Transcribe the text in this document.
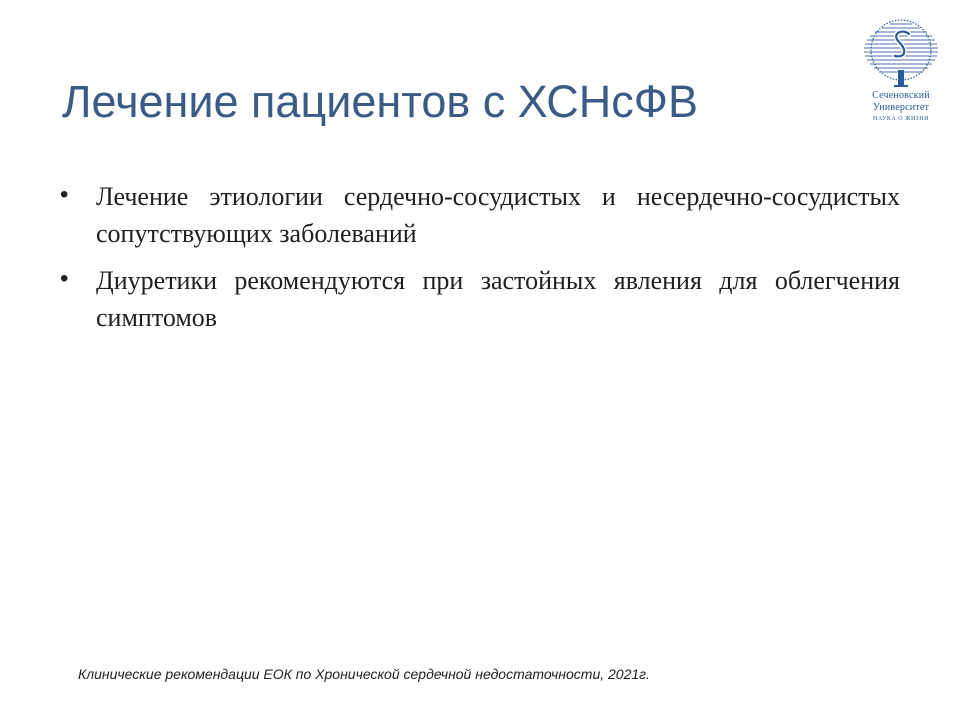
Сеченовский
Университет
НАУКА О ЖИЗНИ
Лечение пациентов с ХСНсФВ
• Лечение этиологии сердечно-сосудистых и несердечно-сосудистых сопутствующих заболеваний
• Диуретики рекомендуются при застойных явления для облегчения симптомов

Клинические рекомендации ЕОК по Хронической сердечной недостаточности, 2021г.
